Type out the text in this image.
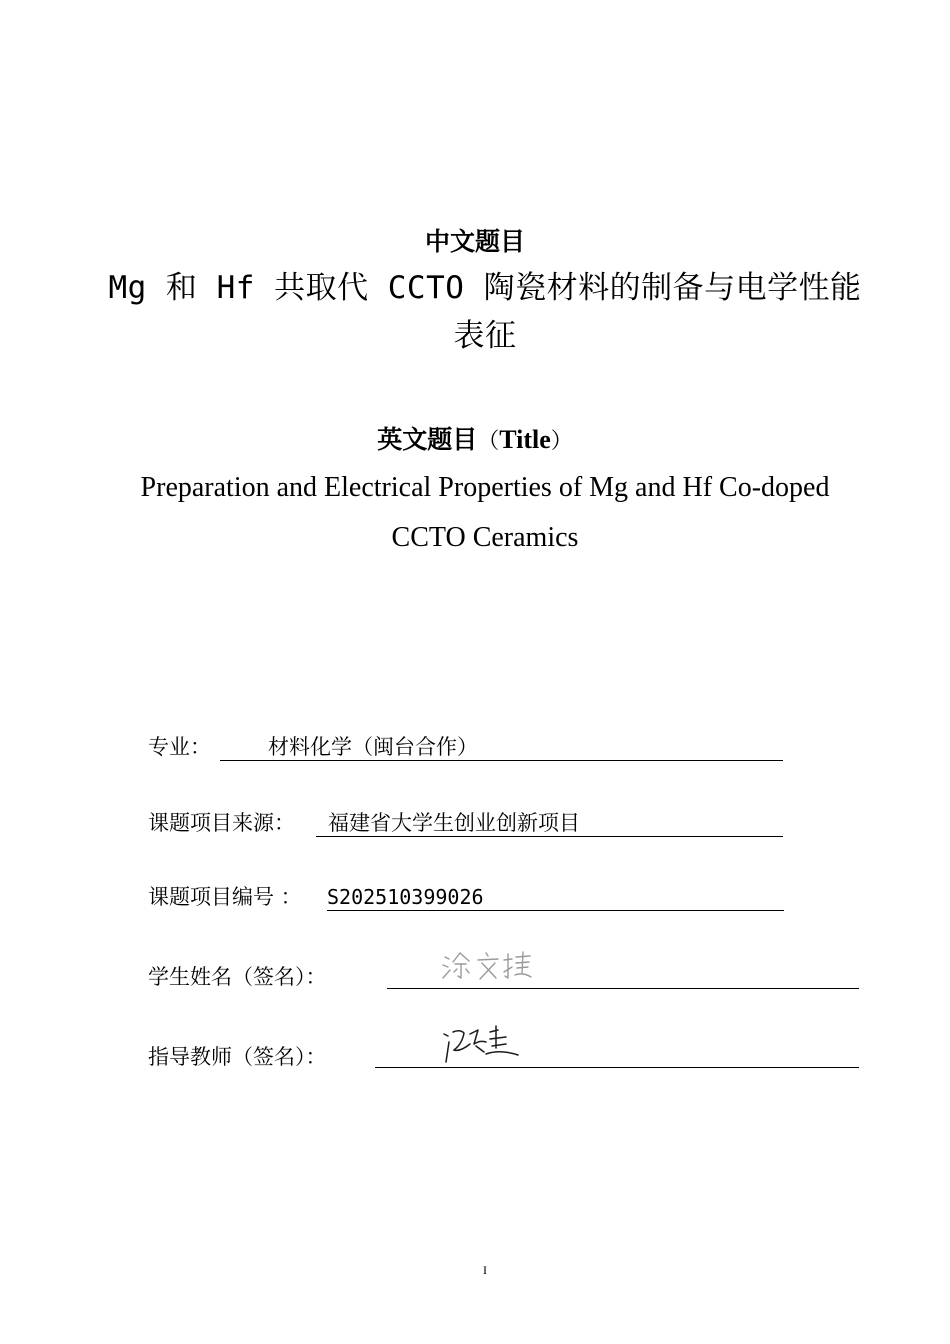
中文题目
Mg 和 Hf 共取代 CCTO 陶瓷材料的制备与电学性能
表征
英文题目（Title）
Preparation and Electrical Properties of Mg and Hf Co-doped
CCTO Ceramics
专业：	材料化学（闽台合作）
课题项目来源： 福建省大学生创业创新项目
课题项目编号 ： S202510399026
学生姓名（签名）：
指导教师（签名）：
I
